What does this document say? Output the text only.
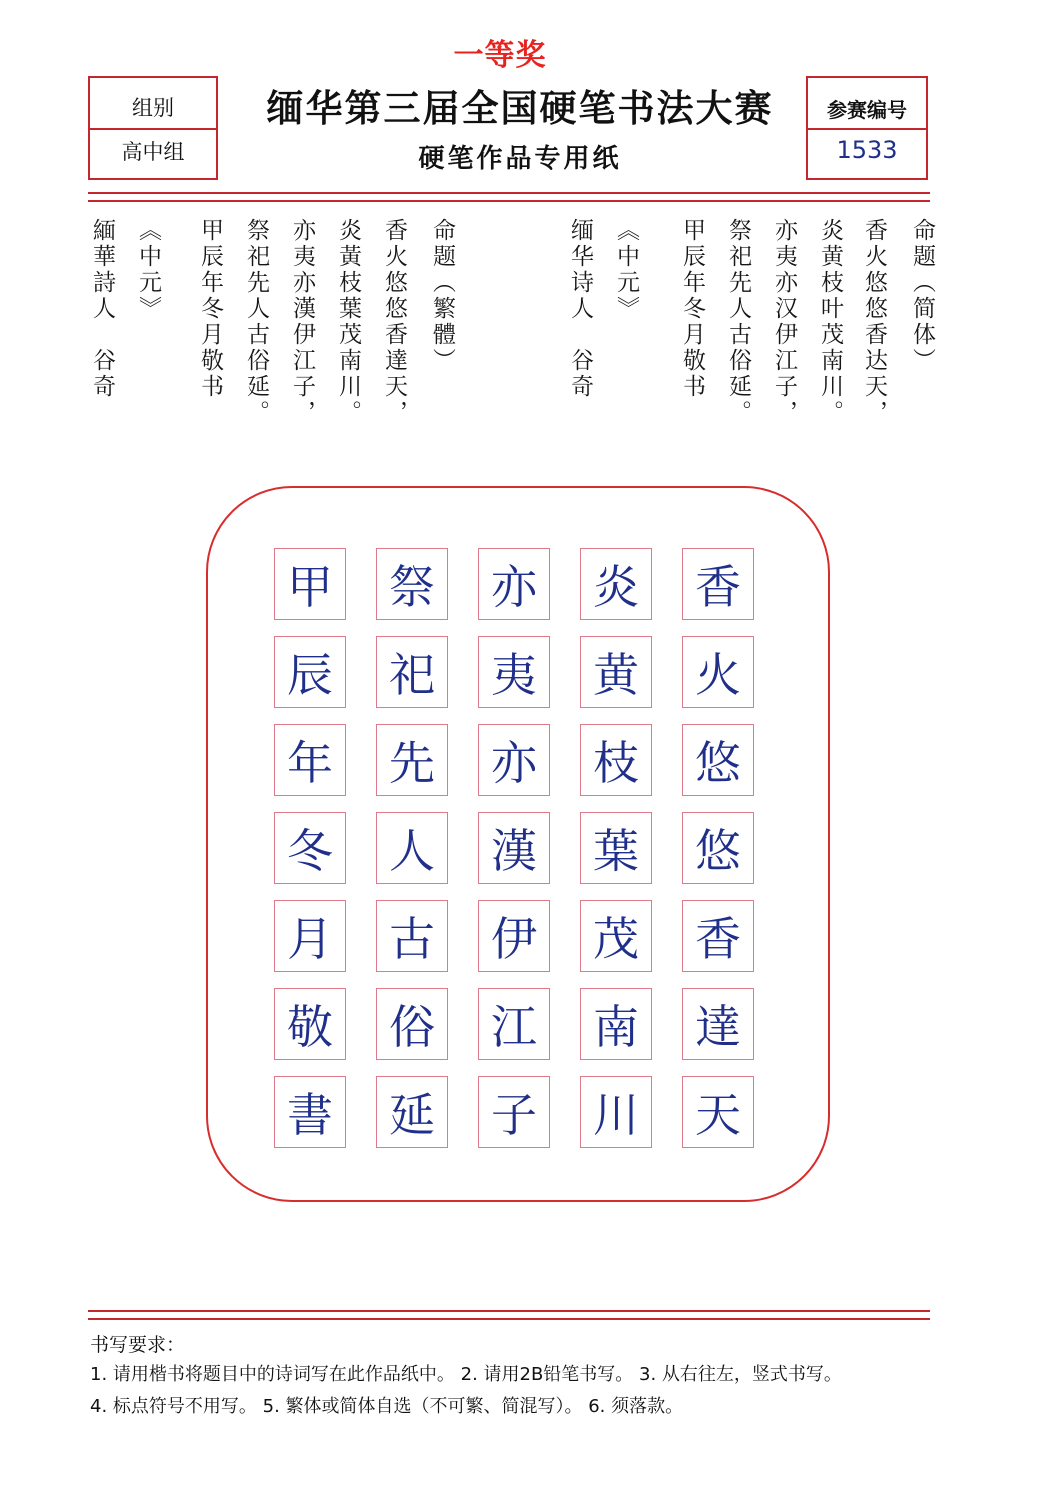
一等奖
组别
高中组
缅华第三届全国硬笔书法大赛
硬笔作品专用纸
参赛编号
1533
命题（简体）
香火悠悠香达天，
炎黄枝叶茂南川。
亦夷亦汉伊江子，
祭祀先人古俗延。
甲辰年冬月敬书
缅华诗人　谷奇 《中元》
命题（繁體）
香火悠悠香達天，
炎黃枝葉茂南川。
亦夷亦漢伊江子，
祭祀先人古俗延。
甲辰年冬月敬书
緬華詩人　谷奇 《中元》
香
火
悠
悠
香
達
天
炎
黄
枝
葉
茂
南
川
亦
夷
亦
漢
伊
江
子
祭
祀
先
人
古
俗
延
甲
辰
年
冬
月
敬
書
书写要求：
1. 请用楷书将题目中的诗词写在此作品纸中。 2. 请用2B铅笔书写。 3. 从右往左，竖式书写。
4. 标点符号不用写。 5. 繁体或简体自选（不可繁、简混写）。 6. 须落款。
